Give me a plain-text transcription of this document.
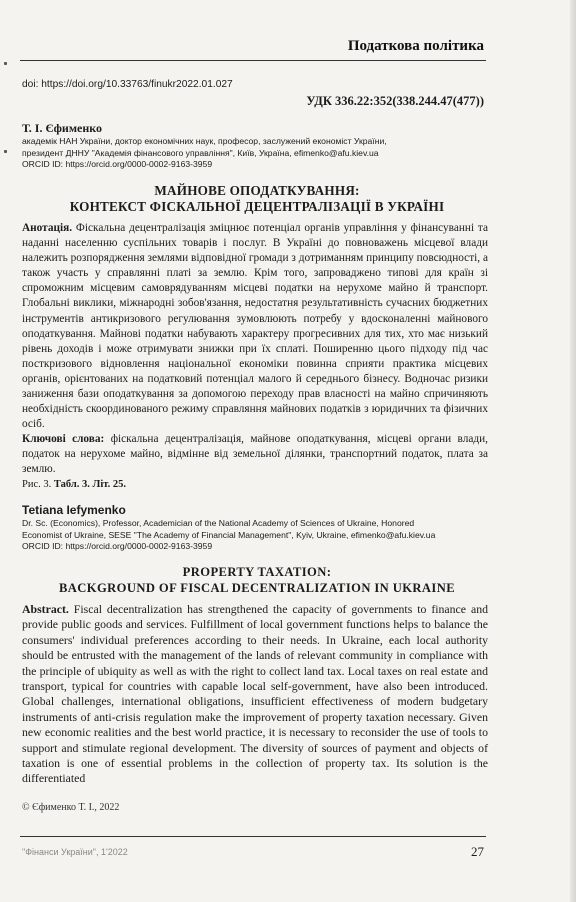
Податкова політика
doi: https://doi.org/10.33763/finukr2022.01.027
УДК 336.22:352(338.244.47(477))
Т. І. Єфименко
академік НАН України, доктор економічних наук, професор, заслужений економіст України,
президент ДННУ "Академія фінансового управління", Київ, Україна, efimenko@afu.kiev.ua
ORCID ID: https://orcid.org/0000-0002-9163-3959
МАЙНОВЕ ОПОДАТКУВАННЯ:
КОНТЕКСТ ФІСКАЛЬНОЇ ДЕЦЕНТРАЛІЗАЦІЇ В УКРАЇНІ
Анотація. Фіскальна децентралізація зміцнює потенціал органів управління у фінансуванні та наданні населенню суспільних товарів і послуг. В Україні до повноважень місцевої влади належить розпорядження землями відповідної громади з дотриманням принципу повсюдності, а також участь у справлянні платі за землю. Крім того, запроваджено типові для країн зі спроможним місцевим самоврядуванням місцеві податки на нерухоме майно й транспорт. Глобальні виклики, міжнародні зобов'язання, недостатня результативність сучасних бюджетних інструментів антикризового регулювання зумовлюють потребу у вдосконаленні майнового оподаткування. Майнові податки набувають характеру прогресивних для тих, хто має низький рівень доходів і може отримувати знижки при їх сплаті. Поширенню цього підходу під час посткризового відновлення національної економіки повинна сприяти практика місцевих органів, орієнтованих на податковий потенціал малого й середнього бізнесу. Водночас ризики заниження бази оподаткування за допомогою переходу прав власності на майно спричиняють необхідність скоординованого режиму справляння майнових податків з юридичних та фізичних осіб.
Ключові слова: фіскальна децентралізація, майнове оподаткування, місцеві органи влади, податок на нерухоме майно, відмінне від земельної ділянки, транспортний податок, плата за землю.
Рис. 3. Табл. 3. Літ. 25.
Tetiana Iefymenko
Dr. Sc. (Economics), Professor, Academician of the National Academy of Sciences of Ukraine, Honored
Economist of Ukraine, SESE "The Academy of Financial Management", Kyiv, Ukraine, efimenko@afu.kiev.ua
ORCID ID: https://orcid.org/0000-0002-9163-3959
PROPERTY TAXATION:
BACKGROUND OF FISCAL DECENTRALIZATION IN UKRAINE
Abstract. Fiscal decentralization has strengthened the capacity of governments to finance and provide public goods and services. Fulfillment of local government functions helps to balance the consumers' individual preferences according to their needs. In Ukraine, each local authority should be entrusted with the management of the lands of relevant community in compliance with the principle of ubiquity as well as with the right to collect land tax. Local taxes on real estate and transport, typical for countries with capable local self-government, have also been introduced. Global challenges, international obligations, insufficient effectiveness of modern budgetary instruments of anti-crisis regulation make the improvement of property taxation necessary. Given new economic realities and the best world practice, it is necessary to reconsider the use of tools to support and stimulate regional development. The diversity of sources of payment and objects of taxation is one of essential problems in the collection of property tax. Its solution is the differentiated
© Єфименко Т. І., 2022
"Фінанси України", 1'2022	27
